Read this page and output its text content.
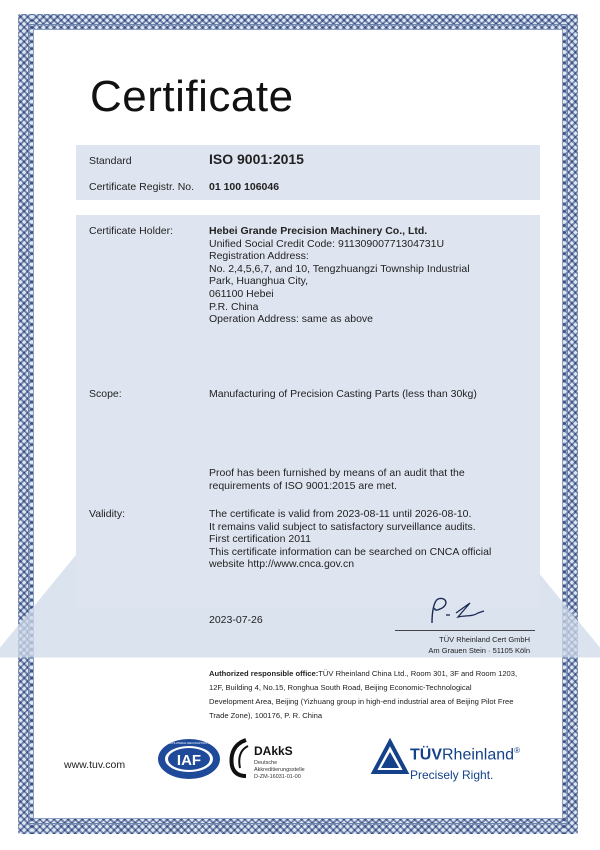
Certificate
Standard	ISO 9001:2015
Certificate Registr. No. 01 100 106046
Certificate Holder:	Hebei Grande Precision Machinery Co., Ltd.
Unified Social Credit Code: 91130900771304731U
Registration Address:
No. 2,4,5,6,7, and 10, Tengzhuangzi Township Industrial
Park, Huanghua City,
061100 Hebei
P.R. China
Operation Address: same as above
Scope:	Manufacturing of Precision Casting Parts (less than 30kg)
Proof has been furnished by means of an audit that the
requirements of ISO 9001:2015 are met.
Validity:	The certificate is valid from 2023-08-11 until 2026-08-10.
It remains valid subject to satisfactory surveillance audits.
First certification 2011
This certificate information can be searched on CNCA official
website http://www.cnca.gov.cn
2023-07-26
TÜV Rheinland Cert GmbH
Am Grauen Stein · 51105 Köln
Authorized responsible office:TÜV Rheinland China Ltd., Room 301, 3F and Room 1203,
12F, Building 4, No.15, Ronghua South Road, Beijing Economic-Technological
Development Area, Beijing (Yizhuang group in high-end industrial area of Beijing Pilot Free
Trade Zone), 100176, P. R. China
www.tuv.com	IAF
MEMBER OF MULTILATERAL RECOGNITION ARRANGEMENT
DAkkS
Deutsche
Akkreditierungsstelle
D-ZM-16031-01-00
TÜVRheinland®
Precisely Right.
